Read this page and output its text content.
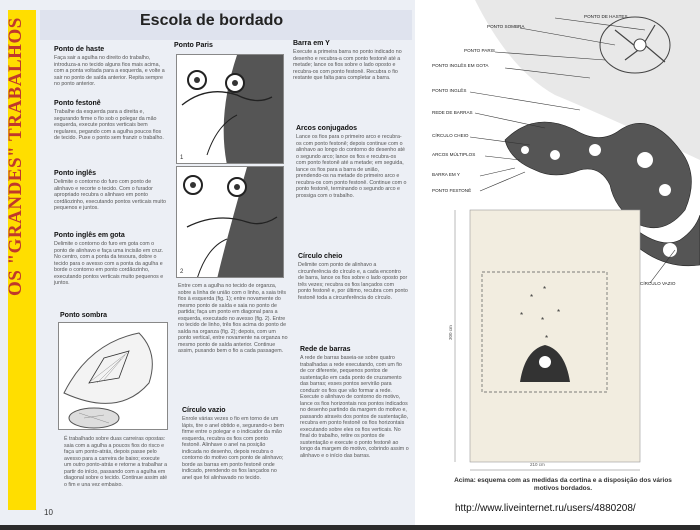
OS "GRANDES" TRABALHOS	Escola de bordado
Ponto de haste

Faça sair a agulha no direito do trabalho, introduza-a no tecido alguns fios mais acima, com a ponta voltada para a esquerda, e volte a sair no ponto de saída anterior. Repita sempre no ponto anterior.

Ponto festonê

Trabalhe da esquerda para a direita e, segurando firme o fio sob o polegar da mão esquerda, execute pontos verticais bem regulares, pegando com a agulha poucos fios de tecido. Puxe o ponto sem franzir o trabalho.

Ponto inglês

Delimite o contorno do furo com ponto de alinhavo e recorte o tecido. Com o furador apropriado recubra o alinhavo em ponto cordãozinho, executando pontos verticais muito pequenos e juntos.

Ponto inglês em gota

Delimite o contorno do furo em gota com o ponto de alinhavo e faça uma incisão em cruz. No centro, com a ponta da tesoura, dobre o tecido para o avesso com a ponta da agulha e borde o contorno em ponto cordãozinho, executando pontos verticais muito pequenos e juntos.

Ponto sombra

É trabalhado sobre duas carreiras opostas: saia com a agulha a poucos fios do risco e faça um ponto-atrás, depois passe pelo avesso para a carreira de baixo; execute um outro ponto-atrás e retorne a trabalhar a partir do início, passando com a agulha em diagonal sobre o tecido. Continue assim até o fim e una vez embaixo.

Ponto Paris
1
2

Entre com a agulha no tecido de organza, sobre a linha de união com o linho, a saia três fios à esquerda (fig. 1); entre novamente do mesmo ponto de saída e saia no ponto de partida; faça um ponto em diagonal para a esquerda, executado no avesso (fig. 2). Entre no tecido de linho, três fios acima do ponto de saída na organza (fig. 2); depois, com um ponto vertical, entre novamente na organza no mesmo ponto de saída anterior. Continue assim, puxando bem o fio a cada passagem.

Círculo vazio

Enrole várias vezes o fio em torno de um lápis, tire o anel obtido e, segurando-o bem firme entre o polegar e o indicador da mão esquerda, recubra os fios com ponto festonê. Alinhave o anel na posição indicada no desenho, depois recubra o contorno do motivo com ponto de alinhavo; borde as barras em ponto festonê onde indicado, prendendo os fios lançados no anel que foi alinhavado no tecido.

Barra em Y

Execute a primeira barra no ponto indicado no desenho e recubra-a com ponto festonê até a metade; lance os fios sobre o lado oposto e recubra-os com ponto festonê. Recubra o fio restante que falta para completar a barra.

Arcos conjugados

Lance os fios para o primeiro arco e recubra-os com ponto festonê; depois continue com o alinhavo ao longo do contorno do desenho até o segundo arco; lance os fios e recubra-os com ponto festonê até a metade; em seguida, lance os fios para a barra de união, prendendo-os na metade do primeiro arco e recubra-os com ponto festonê. Continue com o ponto festonê, terminando o segundo arco e prossiga com o trabalho.

Círculo cheio

Delimite com ponto de alinhavo a circunferência do círculo e, a cada encontro de barra, lance os fios sobre o lado oposto por três vezes; recubra os fios lançados com ponto festonê e, por último, recubra com ponto festonê toda a circunferência do círculo.

Rede de barras

A rede de barras baseia-se sobre quatro trabalhadas a rede executando, com um fio de cor diferente, pequenos pontos de sustentação em cada ponto de cruzamento das barras; esses pontos servirão para conduzir os fios que vão formar a rede. Execute o alinhavo de contorno do motivo, lance os fios horizontais nos pontos indicados no desenho partindo da margem do motivo e, passando através dos pontos de sustentação, recubra em ponto festonê os fios horizontais executando sobre eles os fios verticais. No final do trabalho, retire os pontos de sustentação e execute o ponto festonê ao longo da margem do motivo, cobrindo assim o alinhavo e o início das barras.

10
*
*
*
*
*
*
PONTO DE HASTES
PONTO SOMBRA
PONTO PARIS
PONTO INGLÊS EM GOTA
PONTO INGLÊS
REDE DE BARRAS
CÍRCULO CHEIO
ARCOS MÚLTIPLOS
BARRA EM Y
PONTO FESTONÊ
CÍRCULO VAZIO
300 cm
210 cm
Acima: esquema com as medidas da cortina e a disposição dos vários motivos bordados.
http://www.liveinternet.ru/users/4880208/
